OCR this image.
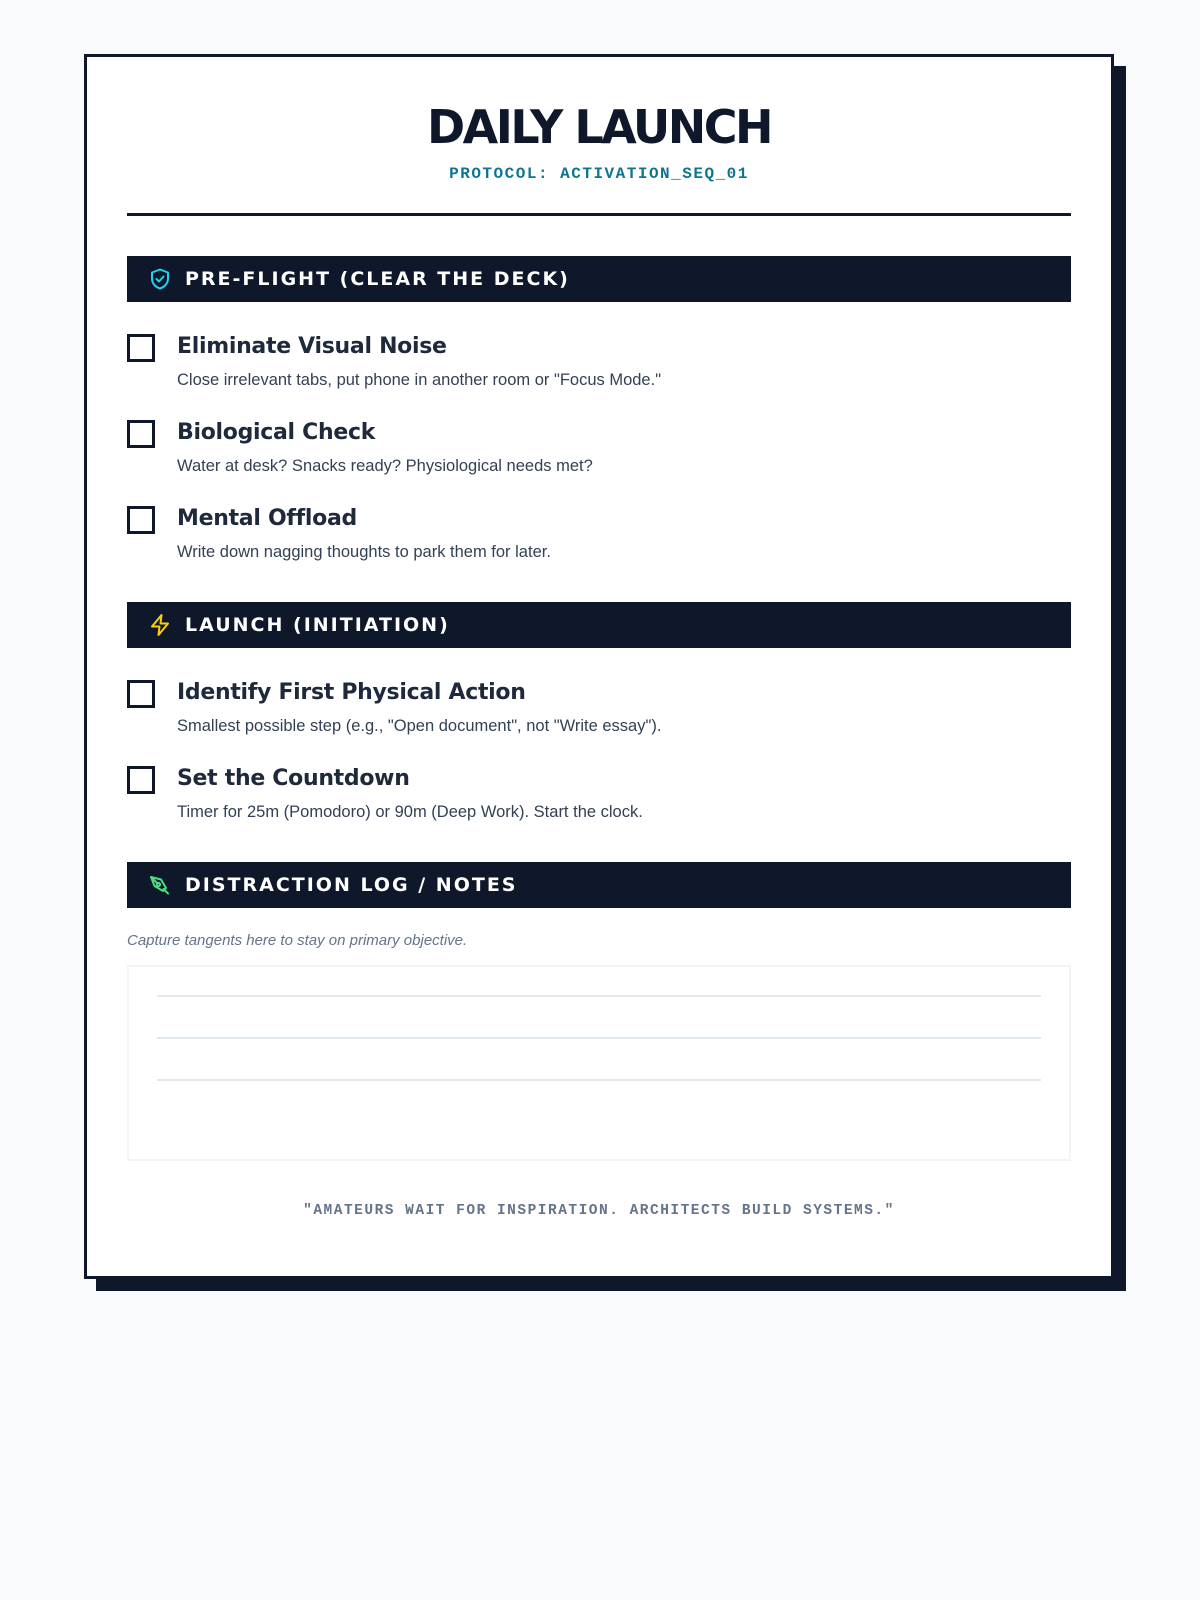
DAILY LAUNCH
PROTOCOL: ACTIVATION_SEQ_01
PRE-FLIGHT (CLEAR THE DECK)
Eliminate Visual Noise
Close irrelevant tabs, put phone in another room or "Focus Mode."
Biological Check
Water at desk? Snacks ready? Physiological needs met?
Mental Offload
Write down nagging thoughts to park them for later.
LAUNCH (INITIATION)
Identify First Physical Action
Smallest possible step (e.g., "Open document", not "Write essay").
Set the Countdown
Timer for 25m (Pomodoro) or 90m (Deep Work). Start the clock.
DISTRACTION LOG / NOTES
Capture tangents here to stay on primary objective.
"AMATEURS WAIT FOR INSPIRATION. ARCHITECTS BUILD SYSTEMS."
